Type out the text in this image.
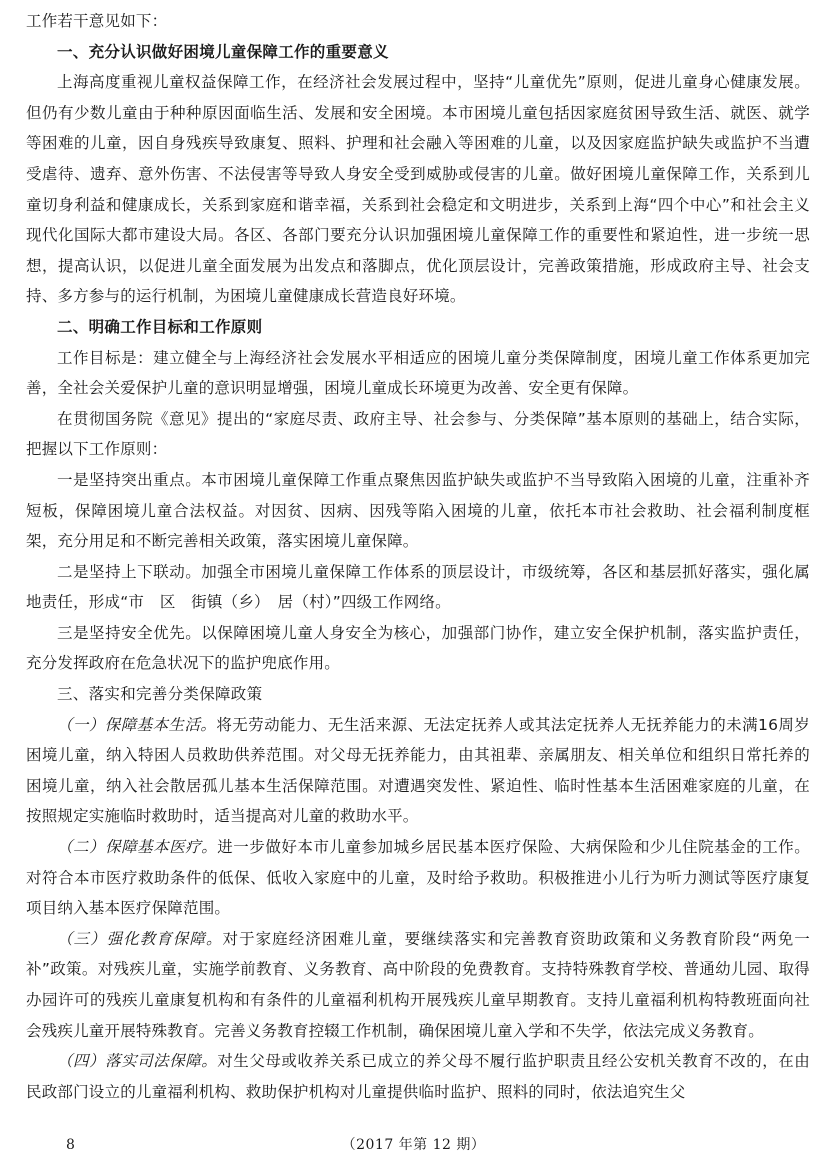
工作若干意见如下：

一、充分认识做好困境儿童保障工作的重要意义

上海高度重视儿童权益保障工作，在经济社会发展过程中，坚持“儿童优先”原则，促进儿童身心健康发展。但仍有少数儿童由于种种原因面临生活、发展和安全困境。本市困境儿童包括因家庭贫困导致生活、就医、就学等困难的儿童，因自身残疾导致康复、照料、护理和社会融入等困难的儿童，以及因家庭监护缺失或监护不当遭受虐待、遗弃、意外伤害、不法侵害等导致人身安全受到威胁或侵害的儿童。做好困境儿童保障工作，关系到儿童切身利益和健康成长，关系到家庭和谐幸福，关系到社会稳定和文明进步，关系到上海“四个中心”和社会主义现代化国际大都市建设大局。各区、各部门要充分认识加强困境儿童保障工作的重要性和紧迫性，进一步统一思想，提高认识，以促进儿童全面发展为出发点和落脚点，优化顶层设计，完善政策措施，形成政府主导、社会支持、多方参与的运行机制，为困境儿童健康成长营造良好环境。

二、明确工作目标和工作原则

工作目标是：建立健全与上海经济社会发展水平相适应的困境儿童分类保障制度，困境儿童工作体系更加完善，全社会关爱保护儿童的意识明显增强，困境儿童成长环境更为改善、安全更有保障。

在贯彻国务院《意见》提出的“家庭尽责、政府主导、社会参与、分类保障”基本原则的基础上，结合实际，把握以下工作原则：

一是坚持突出重点。本市困境儿童保障工作重点聚焦因监护缺失或监护不当导致陷入困境的儿童，注重补齐短板，保障困境儿童合法权益。对因贫、因病、因残等陷入困境的儿童，依托本市社会救助、社会福利制度框架，充分用足和不断完善相关政策，落实困境儿童保障。

二是坚持上下联动。加强全市困境儿童保障工作体系的顶层设计，市级统筹，各区和基层抓好落实，强化属地责任，形成“市　区　街镇（乡）　居（村）”四级工作网络。

三是坚持安全优先。以保障困境儿童人身安全为核心，加强部门协作，建立安全保护机制，落实监护责任，充分发挥政府在危急状况下的监护兜底作用。

三、落实和完善分类保障政策

（一）保障基本生活。将无劳动能力、无生活来源、无法定抚养人或其法定抚养人无抚养能力的未满16周岁困境儿童，纳入特困人员救助供养范围。对父母无抚养能力，由其祖辈、亲属朋友、相关单位和组织日常托养的困境儿童，纳入社会散居孤儿基本生活保障范围。对遭遇突发性、紧迫性、临时性基本生活困难家庭的儿童，在按照规定实施临时救助时，适当提高对儿童的救助水平。

（二）保障基本医疗。进一步做好本市儿童参加城乡居民基本医疗保险、大病保险和少儿住院基金的工作。对符合本市医疗救助条件的低保、低收入家庭中的儿童，及时给予救助。积极推进小儿行为听力测试等医疗康复项目纳入基本医疗保障范围。

（三）强化教育保障。对于家庭经济困难儿童，要继续落实和完善教育资助政策和义务教育阶段“两免一补”政策。对残疾儿童，实施学前教育、义务教育、高中阶段的免费教育。支持特殊教育学校、普通幼儿园、取得办园许可的残疾儿童康复机构和有条件的儿童福利机构开展残疾儿童早期教育。支持儿童福利机构特教班面向社会残疾儿童开展特殊教育。完善义务教育控辍工作机制，确保困境儿童入学和不失学，依法完成义务教育。

（四）落实司法保障。对生父母或收养关系已成立的养父母不履行监护职责且经公安机关教育不改的，在由民政部门设立的儿童福利机构、救助保护机构对儿童提供临时监护、照料的同时，依法追究生父

8	（2017 年第 12 期）
